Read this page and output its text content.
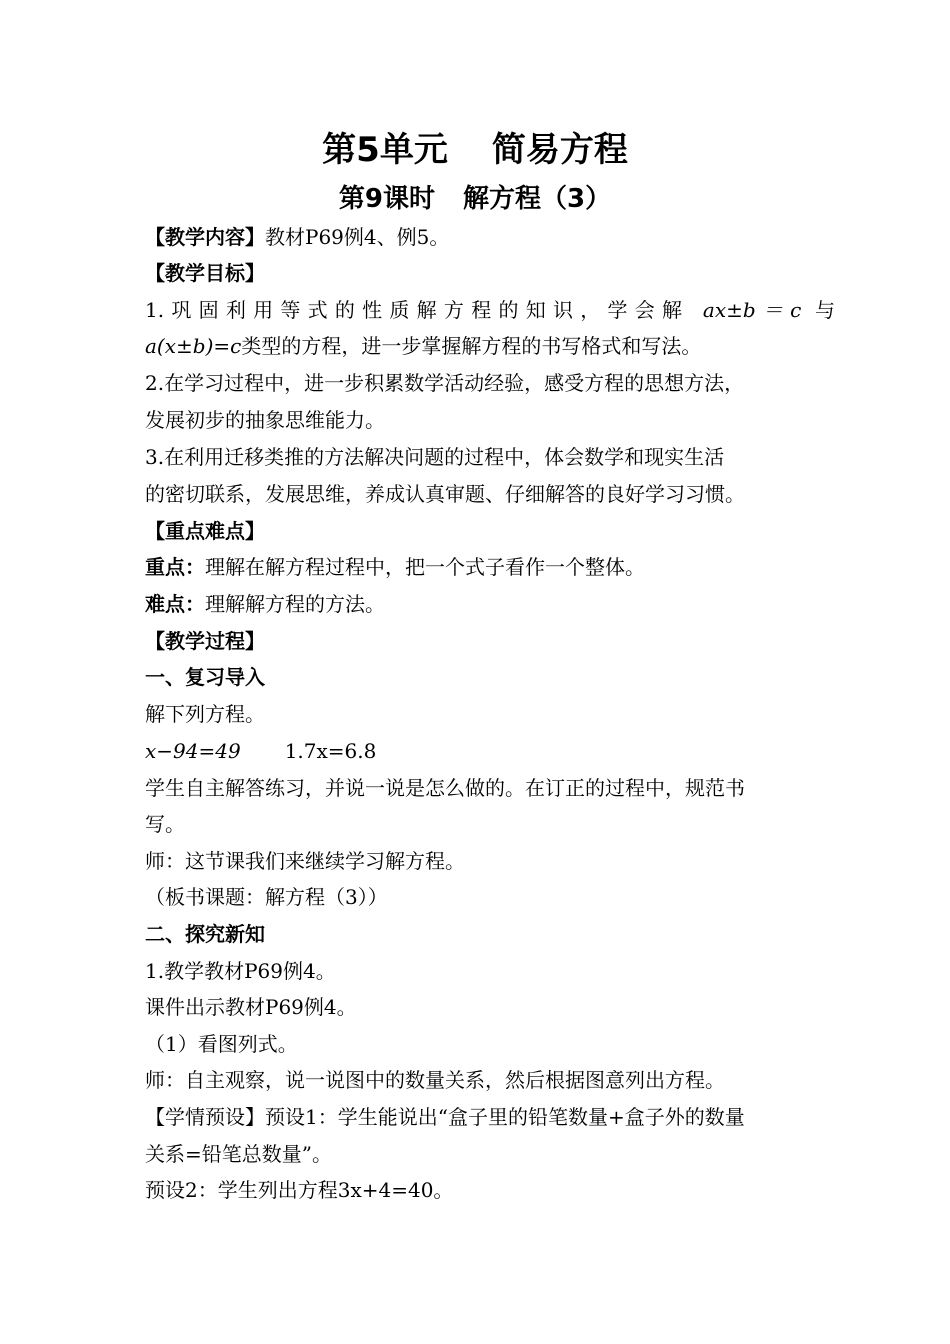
第5单元 简易方程
第9课时 解方程（3）
【教学内容】教材P69例4、例5。
【教学目标】
1.巩固利用等式的性质解方程的知识，学会解 ax±b＝c 与
a(x±b)=c类型的方程，进一步掌握解方程的书写格式和写法。
2.在学习过程中，进一步积累数学活动经验，感受方程的思想方法，
发展初步的抽象思维能力。
3.在利用迁移类推的方法解决问题的过程中，体会数学和现实生活
的密切联系，发展思维，养成认真审题、仔细解答的良好学习习惯。
【重点难点】
重点：理解在解方程过程中，把一个式子看作一个整体。
难点：理解解方程的方法。
【教学过程】
一、复习导入
解下列方程。
x−94=49 1.7x=6.8
学生自主解答练习，并说一说是怎么做的。在订正的过程中，规范书
写。
师：这节课我们来继续学习解方程。
（板书课题：解方程（3））
二、探究新知
1.教学教材P69例4。
课件出示教材P69例4。
（1）看图列式。
师：自主观察，说一说图中的数量关系，然后根据图意列出方程。
【学情预设】预设1：学生能说出“盒子里的铅笔数量+盒子外的数量
关系=铅笔总数量”。
预设2：学生列出方程3x+4=40。
